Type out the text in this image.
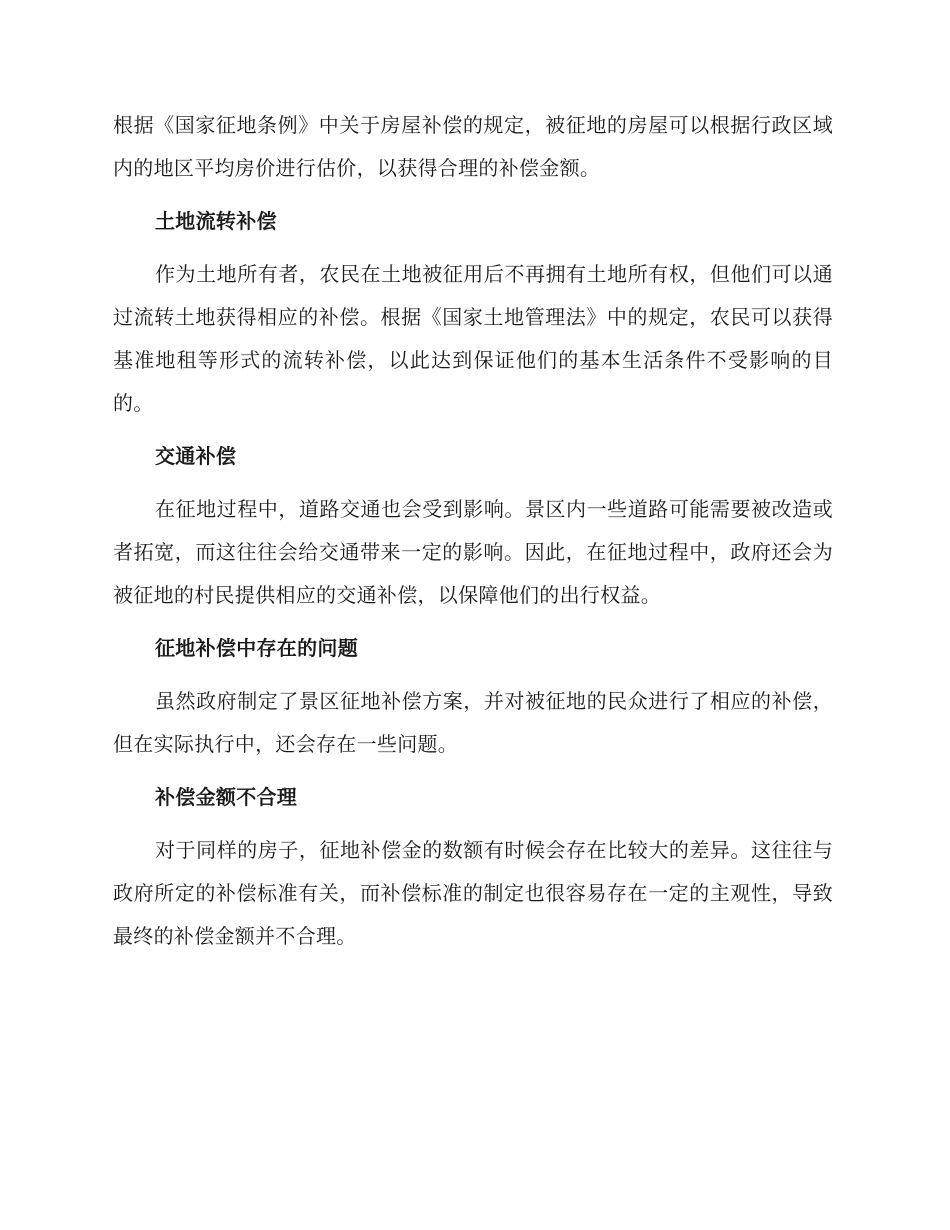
根据《国家征地条例》中关于房屋补偿的规定，被征地的房屋可以根据行政区域内的地区平均房价进行估价，以获得合理的补偿金额。

土地流转补偿

作为土地所有者，农民在土地被征用后不再拥有土地所有权，但他们可以通过流转土地获得相应的补偿。根据《国家土地管理法》中的规定，农民可以获得基准地租等形式的流转补偿，以此达到保证他们的基本生活条件不受影响的目的。

交通补偿

在征地过程中，道路交通也会受到影响。景区内一些道路可能需要被改造或者拓宽，而这往往会给交通带来一定的影响。因此，在征地过程中，政府还会为被征地的村民提供相应的交通补偿，以保障他们的出行权益。

征地补偿中存在的问题

虽然政府制定了景区征地补偿方案，并对被征地的民众进行了相应的补偿，但在实际执行中，还会存在一些问题。

补偿金额不合理

对于同样的房子，征地补偿金的数额有时候会存在比较大的差异。这往往与政府所定的补偿标准有关，而补偿标准的制定也很容易存在一定的主观性，导致最终的补偿金额并不合理。
